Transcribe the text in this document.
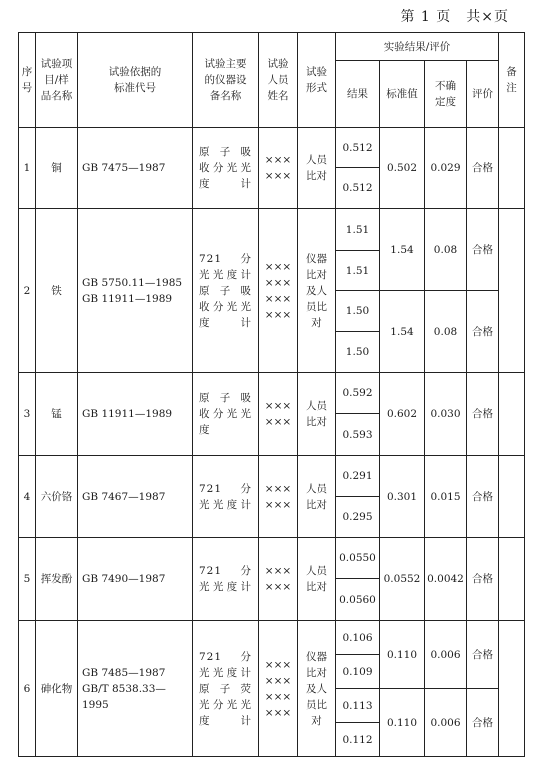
第 1 页　共×页
序
号	试验项
目/样
品名称	试验依据的
标准代号	试验主要
的仪器设
备名称	试验
人员
姓名	试验
形式	实验结果/评价				备
注
						结果	标准值	不确
定度	评价	
1	铜	GB 7475—1987	原子吸
收分光光
度计	×××
×××	人员
比对	0.512	0.502	0.029	合格	
						0.512				
2	铁	GB 5750.11—1985
GB 11911—1989	721 分
光光度计
原子吸
收分光光
度计	×××
×××
×××
×××	仪器
比对
及人
员比
对	1.51	1.54	0.08	合格	
						1.51				
						1.50	1.54	0.08	合格	
						1.50				
3	锰	GB 11911—1989	原子吸
收分光光
度	×××
×××	人员
比对	0.592	0.602	0.030	合格	
						0.593				
4	六价铬	GB 7467—1987	721 分
光光度计	×××
×××	人员
比对	0.291	0.301	0.015	合格	
						0.295				
5	挥发酚	GB 7490—1987	721 分
光光度计	×××
×××	人员
比对	0.0550	0.0552	0.0042	合格	
						0.0560				
6	砷化物	GB 7485—1987
GB/T 8538.33—1995	721 分
光光度计
原子荧
光分光光
度计	×××
×××
×××
×××	仪器
比对
及人
员比
对	0.106	0.110	0.006	合格	
						0.109				
						0.113	0.110	0.006	合格	
						0.112				
